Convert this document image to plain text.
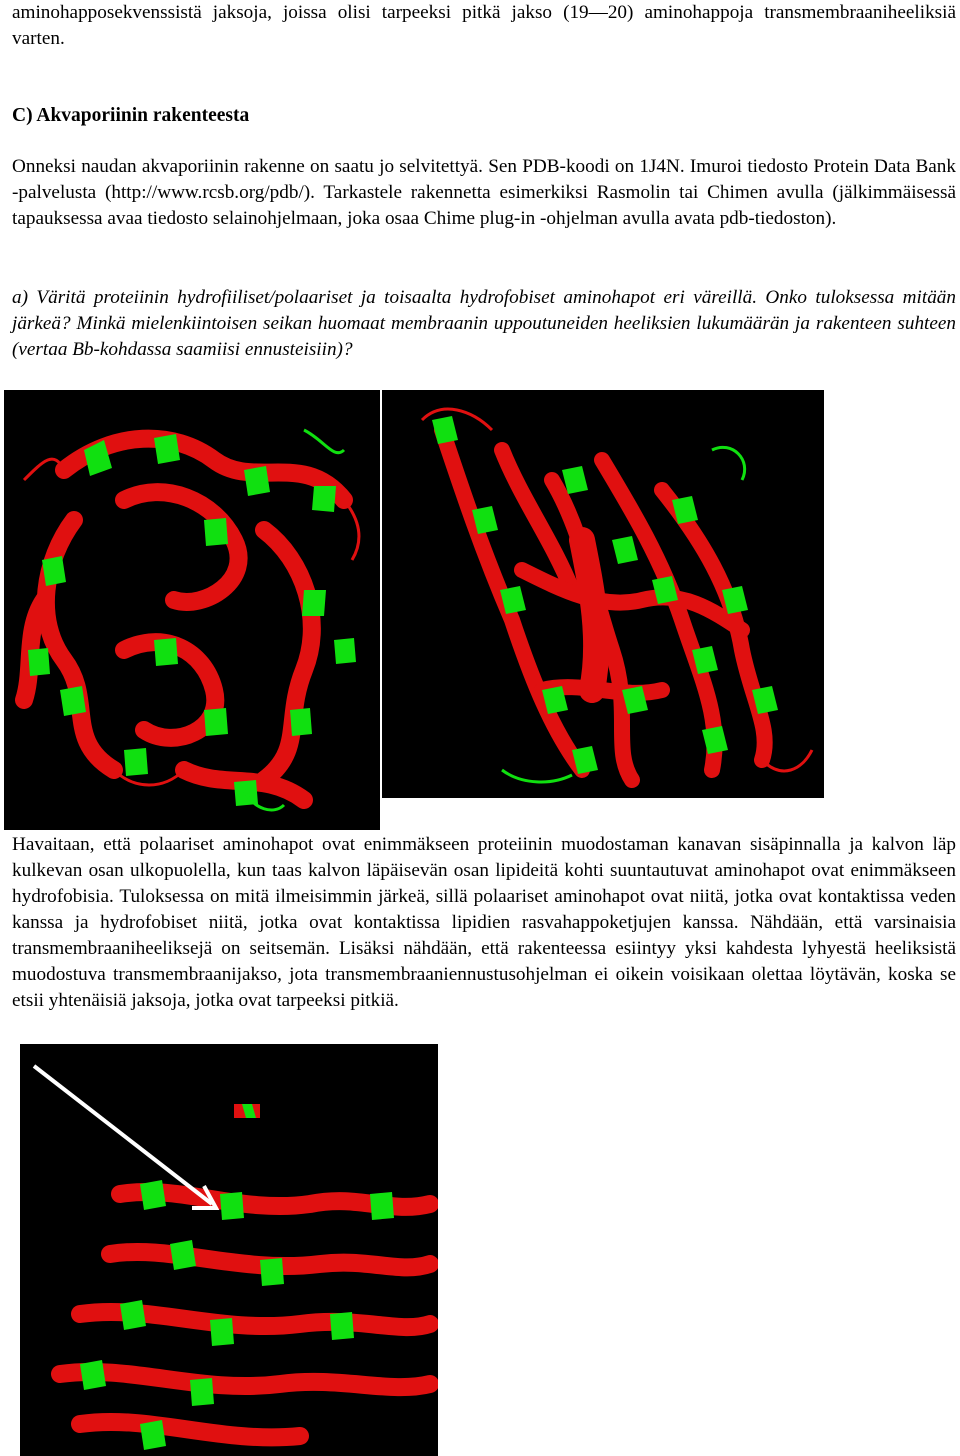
aminohapposekvenssistä jaksoja, joissa olisi tarpeeksi pitkä jakso (19—20) aminohappoja transmembraaniheeliksiä varten.

C) Akvaporiinin rakenteesta

Onneksi naudan akvaporiinin rakenne on saatu jo selvitettyä. Sen PDB-koodi on 1J4N. Imuroi tiedosto Protein Data Bank -palvelusta (http://www.rcsb.org/pdb/). Tarkastele rakennetta esimerkiksi Rasmolin tai Chimen avulla (jälkimmäisessä tapauksessa avaa tiedosto selainohjelmaan, joka osaa Chime plug-in -ohjelman avulla avata pdb-tiedoston).

a) Väritä proteiinin hydrofiiliset/polaariset ja toisaalta hydrofobiset aminohapot eri väreillä. Onko tuloksessa mitään järkeä? Minkä mielenkiintoisen seikan huomaat membraanin uppoutuneiden heeliksien lukumäärän ja rakenteen suhteen (vertaa Bb-kohdassa saamiisi ennusteisiin)?

Havaitaan, että polaariset aminohapot ovat enimmäkseen proteiinin muodostaman kanavan sisäpinnalla ja kalvon läp kulkevan osan ulkopuolella, kun taas kalvon läpäisevän osan lipideitä kohti suuntautuvat aminohapot ovat enimmäkseen hydrofobisia. Tuloksessa on mitä ilmeisimmin järkeä, sillä polaariset aminohapot ovat niitä, jotka ovat kontaktissa veden kanssa ja hydrofobiset niitä, jotka ovat kontaktissa lipidien rasvahappoketjujen kanssa. Nähdään, että varsinaisia transmembraaniheeliksejä on seitsemän. Lisäksi nähdään, että rakenteessa esiintyy yksi kahdesta lyhyestä heeliksistä muodostuva transmembraanijakso, jota transmembraaniennustusohjelman ei oikein voisikaan olettaa löytävän, koska se etsii yhtenäisiä jaksoja, jotka ovat tarpeeksi pitkiä.
